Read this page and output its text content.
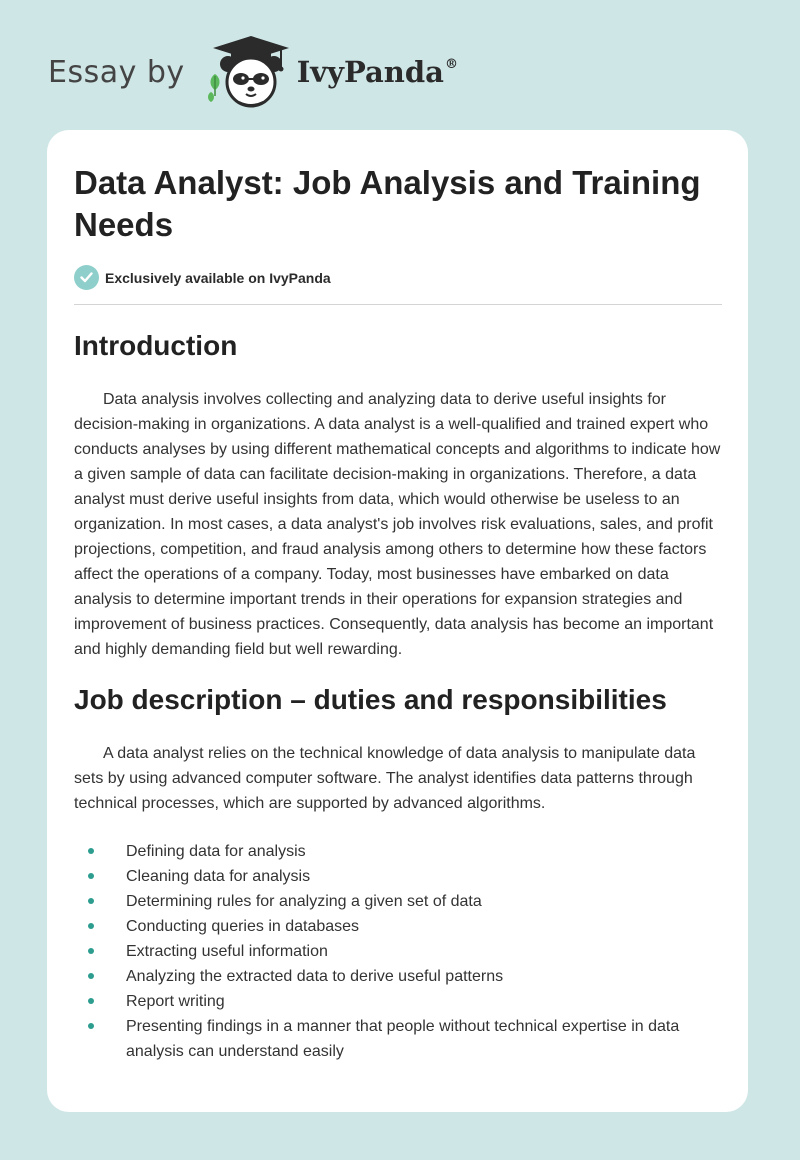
Essay by	IvyPanda®
Data Analyst: Job Analysis and Training Needs
Exclusively available on IvyPanda
Introduction

Data analysis involves collecting and analyzing data to derive useful insights for decision-making in organizations. A data analyst is a well-qualified and trained expert who conducts analyses by using different mathematical concepts and algorithms to indicate how a given sample of data can facilitate decision-making in organizations. Therefore, a data analyst must derive useful insights from data, which would otherwise be useless to an organization. In most cases, a data analyst's job involves risk evaluations, sales, and profit projections, competition, and fraud analysis among others to determine how these factors affect the operations of a company. Today, most businesses have embarked on data analysis to determine important trends in their operations for expansion strategies and improvement of business practices. Consequently, data analysis has become an important and highly demanding field but well rewarding.

Job description – duties and responsibilities

A data analyst relies on the technical knowledge of data analysis to manipulate data sets by using advanced computer software. The analyst identifies data patterns through technical processes, which are supported by advanced algorithms.

Defining data for analysis
Cleaning data for analysis
Determining rules for analyzing a given set of data
Conducting queries in databases
Extracting useful information
Analyzing the extracted data to derive useful patterns
Report writing
Presenting findings in a manner that people without technical expertise in data analysis can understand easily
